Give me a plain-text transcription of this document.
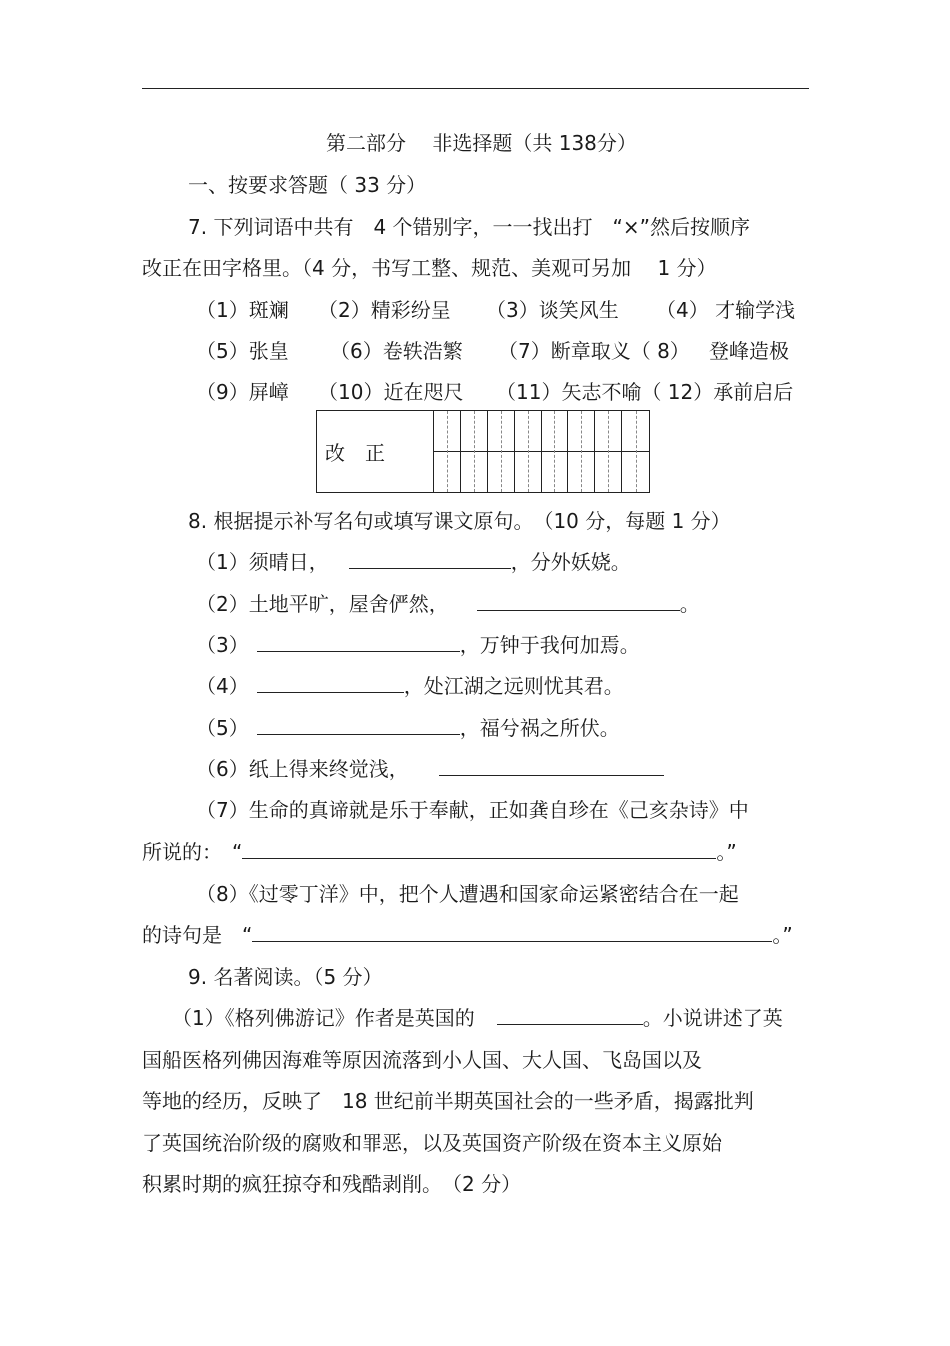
第二部分　 非选择题（共 138分）
一、按要求答题（ 33 分）
7. 下列词语中共有　4 个错别字，一一找出打　“×”然后按顺序
改正在田字格里。（4 分，书写工整、规范、美观可另加　 1 分）
（1）斑斓 （2）精彩纷呈 （3）谈笑风生 （4） 才输学浅
（5）张皇 （6）卷轶浩繁 （7）断章取义（ 8） 登峰造极
（9）屏嶂 （10）近在咫尺 （11）矢志不喻（ 12）承前启后
改　正
8. 根据提示补写名句或填写课文原句。　（10 分，每题 1 分）
（1）须晴日，	，分外妖娆。
（2）土地平旷，屋舍俨然，	。
（3）	，万钟于我何加焉。
（4）	，处江湖之远则忧其君。
（5）	，福兮祸之所伏。
（6）纸上得来终觉浅，
（7）生命的真谛就是乐于奉献，正如龚自珍在《己亥杂诗》中
所说的：　“	。”
（8）《过零丁洋》中，把个人遭遇和国家命运紧密结合在一起
的诗句是　“	。”
9. 名著阅读。（5 分）
（1）《格列佛游记》作者是英国的	。小说讲述了英
国船医格列佛因海难等原因流落到小人国、大人国、飞岛国以及
等地的经历，反映了　18 世纪前半期英国社会的一些矛盾，揭露批判
了英国统治阶级的腐败和罪恶，以及英国资产阶级在资本主义原始
积累时期的疯狂掠夺和残酷剥削。　（2 分）
